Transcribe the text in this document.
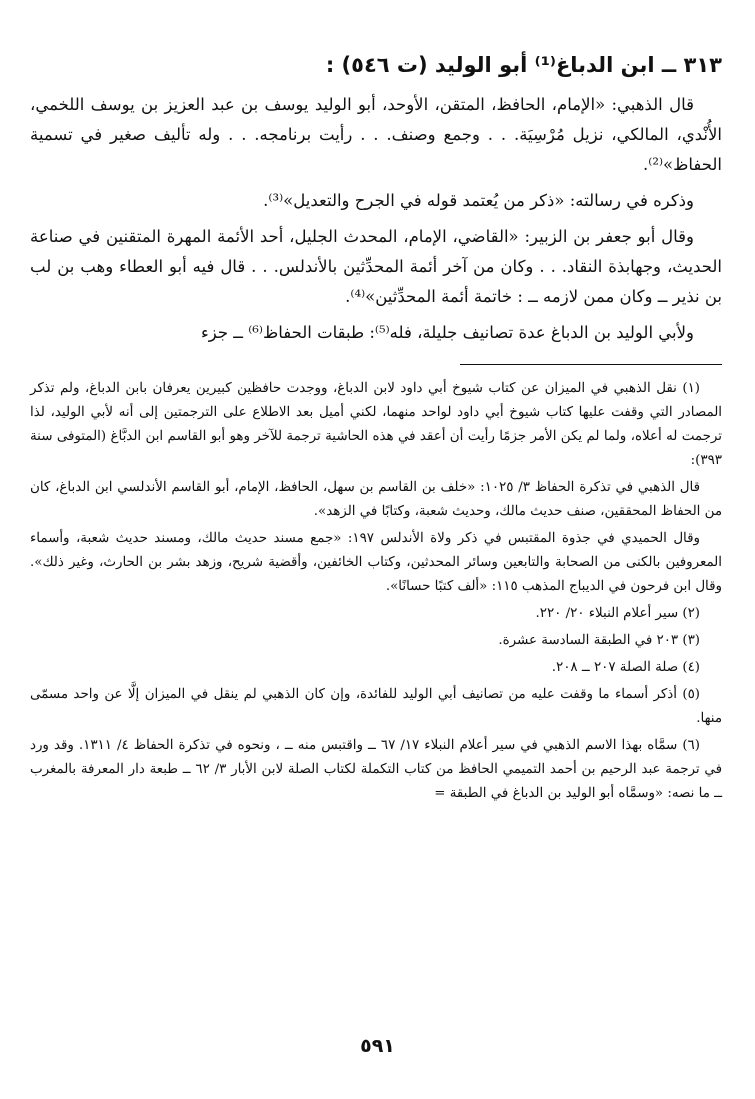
٣١٣ ــ ابن الدباغ⁽¹⁾ أبو الوليد (ت ٥٤٦) :

قال الذهبي: «الإمام، الحافظ، المتقن، الأوحد، أبو الوليد يوسف بن عبد العزيز بن يوسف اللخمي، الأُنْدي، المالكي، نزيل مُرْسِيَة. . . وجمع وصنف. . . رأيت برنامجه. . . وله تأليف صغير في تسمية الحفاظ»⁽²⁾.

وذكره في رسالته: «ذكر من يُعتمد قوله في الجرح والتعديل»⁽³⁾.

وقال أبو جعفر بن الزبير: «القاضي، الإمام، المحدث الجليل، أحد الأئمة المهرة المتقنين في صناعة الحديث، وجهابذة النقاد. . . وكان من آخر أئمة المحدِّثين بالأندلس. . . قال فيه أبو العطاء وهب بن لب بن نذير ــ وكان ممن لازمه ــ : خاتمة أئمة المحدِّثين»⁽⁴⁾.

ولأبي الوليد بن الدباغ عدة تصانيف جليلة، فله⁽⁵⁾: طبقات الحفاظ⁽⁶⁾ ــ جزء

(١) نقل الذهبي في الميزان عن كتاب شيوخ أبي داود لابن الدباغ، ووجدت حافظين كبيرين يعرفان بابن الدباغ، ولم تذكر المصادر التي وقفت عليها كتاب شيوخ أبي داود لواحد منهما، لكني أميل بعد الاطلاع على الترجمتين إلى أنه لأبي الوليد، لذا ترجمت له أعلاه، ولما لم يكن الأمر جزمًا رأيت أن أعقد في هذه الحاشية ترجمة للآخر وهو أبو القاسم ابن الدبَّاغ (المتوفى سنة ٣٩٣):

قال الذهبي في تذكرة الحفاظ ٣/ ١٠٢٥: «خلف بن القاسم بن سهل، الحافظ، الإمام، أبو القاسم الأندلسي ابن الدباغ، كان من الحفاظ المحققين، صنف حديث مالك، وحديث شعبة، وكتابًا في الزهد».

وقال الحميدي في جذوة المقتبس في ذكر ولاة الأندلس ١٩٧: «جمع مسند حديث مالك، ومسند حديث شعبة، وأسماء المعروفين بالكنى من الصحابة والتابعين وسائر المحدثين، وكتاب الخائفين، وأقضية شريح، وزهد بشر بن الحارث، وغير ذلك». وقال ابن فرحون في الديباج المذهب ١١٥: «ألف كتبًا حسانًا».

(٢) سير أعلام النبلاء ٢٠/ ٢٢٠.

(٣) ٢٠٣ في الطبقة السادسة عشرة.

(٤) صلة الصلة ٢٠٧ ــ ٢٠٨.

(٥) أذكر أسماء ما وقفت عليه من تصانيف أبي الوليد للفائدة، وإن كان الذهبي لم ينقل في الميزان إلَّا عن واحد مسمّى منها.

(٦) سمَّاه بهذا الاسم الذهبي في سير أعلام النبلاء ١٧/ ٦٧ ــ واقتبس منه ــ ، ونحوه في تذكرة الحفاظ ٤/ ١٣١١. وقد ورد في ترجمة عبد الرحيم بن أحمد التميمي الحافظ من كتاب التكملة لكتاب الصلة لابن الأبار ٣/ ٦٢ ــ طبعة دار المعرفة بالمغرب ــ ما نصه: «وسمَّاه أبو الوليد بن الدباغ في الطبقة =

٥٩١
